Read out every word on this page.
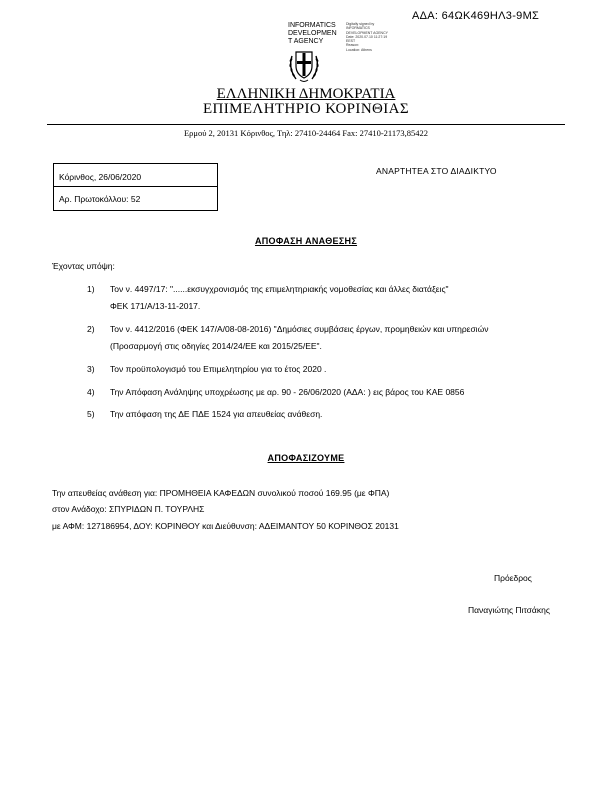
ΑΔΑ: 64ΩΚ469ΗΛ3-9ΜΣ
INFORMATICS
DEVELOPMEN
T AGENCY
Digitally signed by
INFORMATICS
DEVELOPMENT AGENCY
Date: 2020.07.10 11:27:19
EEST
Reason:
Location: Athens
ΕΛΛΗΝΙΚΗ ΔΗΜΟΚΡΑΤΙΑ
ΕΠΙΜΕΛΗΤΗΡΙΟ ΚΟΡΙΝΘΙΑΣ
Ερμού 2, 20131 Κόρινθος, Τηλ: 27410-24464 Fax: 27410-21173,85422
Κόρινθος, 26/06/2020
Αρ. Πρωτοκόλλου: 52
ΑΝΑΡΤΗΤΕΑ ΣΤΟ ΔΙΑΔΙΚΤΥΟ
ΑΠΟΦΑΣΗ ΑΝΑΘΕΣΗΣ
Έχοντας υπόψη:
1) Τον ν. 4497/17: "......εκσυγχρονισμός της επιμελητηριακής νομοθεσίας και άλλες διατάξεις"
ΦΕΚ 171/Α/13-11-2017.
2) Τον ν. 4412/2016 (ΦΕΚ 147/Α/08-08-2016) "Δημόσιες συμβάσεις έργων, προμηθειών και υπηρεσιών
(Προσαρμογή στις οδηγίες 2014/24/ΕΕ και 2015/25/ΕΕ".
3) Τον προϋπολογισμό του Επιμελητηρίου για το έτος 2020 .
4) Την Απόφαση Ανάληψης υποχρέωσης με αρ. 90 - 26/06/2020 (ΑΔΑ: ) εις βάρος του ΚΑΕ 0856
5) Την απόφαση της ΔΕ ΠΔΕ 1524 για απευθείας ανάθεση.
ΑΠΟΦΑΣΙΖΟΥΜΕ
Την απευθείας ανάθεση για: ΠΡΟΜΗΘΕΙΑ ΚΑΦΕΔΩΝ συνολικού ποσού 169.95 (με ΦΠΑ)
στον Ανάδοχο: ΣΠΥΡΙΔΩΝ Π. ΤΟΥΡΛΗΣ
με ΑΦΜ: 127186954, ΔΟΥ: ΚΟΡΙΝΘΟΥ και Διεύθυνση: ΑΔΕΙΜΑΝΤΟΥ 50 ΚΟΡΙΝΘΟΣ 20131
Πρόεδρος
Παναγιώτης Πιτσάκης
